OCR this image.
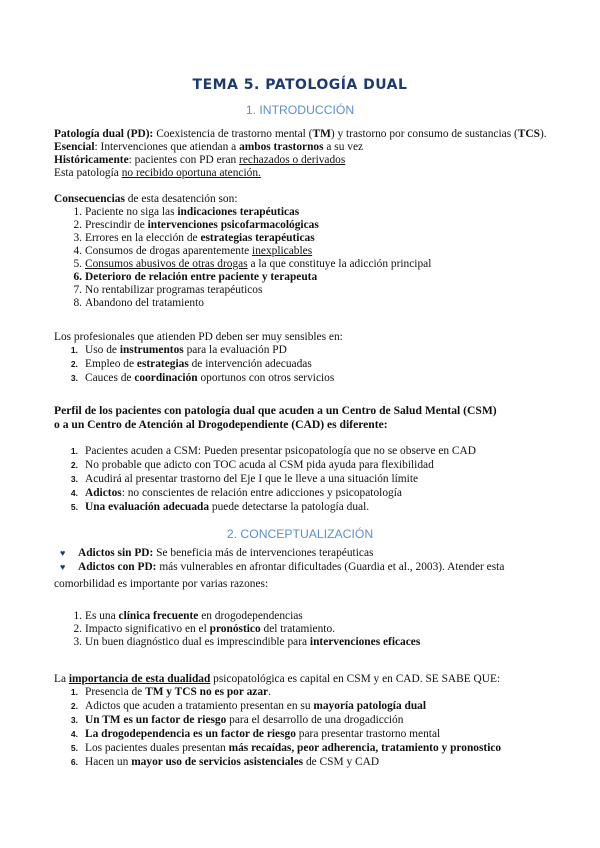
TEMA 5. PATOLOGÍA DUAL
1. INTRODUCCIÓN
Patología dual (PD): Coexistencia de trastorno mental (TM) y trastorno por consumo de sustancias (TCS).
Esencial: Intervenciones que atiendan a ambos trastornos a su vez
Históricamente: pacientes con PD eran rechazados o derivados
Esta patología no recibido oportuna atención.
Consecuencias de esta desatención son:
1. Paciente no siga las indicaciones terapéuticas
2. Prescindir de intervenciones psicofarmacológicas
3. Errores en la elección de estrategias terapéuticas
4. Consumos de drogas aparentemente inexplicables
5. Consumos abusivos de otras drogas a la que constituye la adicción principal
6. Deterioro de relación entre paciente y terapeuta
7. No rentabilizar programas terapéuticos
8. Abandono del tratamiento
Los profesionales que atienden PD deben ser muy sensibles en:
1. Uso de instrumentos para la evaluación PD
2. Empleo de estrategias de intervención adecuadas
3. Cauces de coordinación oportunos con otros servicios
Perfil de los pacientes con patología dual que acuden a un Centro de Salud Mental (CSM)
o a un Centro de Atención al Drogodependiente (CAD) es diferente:
1. Pacientes acuden a CSM: Pueden presentar psicopatología que no se observe en CAD
2. No probable que adicto con TOC acuda al CSM pida ayuda para flexibilidad
3. Acudirá al presentar trastorno del Eje I que le lleve a una situación límite
4. Adictos: no conscientes de relación entre adicciones y psicopatología
5. Una evaluación adecuada puede detectarse la patología dual.
2. CONCEPTUALIZACIÓN
♥ Adictos sin PD: Se beneficia más de intervenciones terapéuticas
♥ Adictos con PD: más vulnerables en afrontar dificultades (Guardia et al., 2003). Atender esta
comorbilidad es importante por varias razones:
1. Es una clínica frecuente en drogodependencias
2. Impacto significativo en el pronóstico del tratamiento.
3. Un buen diagnóstico dual es imprescindible para intervenciones eficaces
La importancia de esta dualidad psicopatológica es capital en CSM y en CAD. SE SABE QUE:
1. Presencia de TM y TCS no es por azar.
2. Adictos que acuden a tratamiento presentan en su mayoría patología dual
3. Un TM es un factor de riesgo para el desarrollo de una drogadicción
4. La drogodependencia es un factor de riesgo para presentar trastorno mental
5. Los pacientes duales presentan más recaídas, peor adherencia, tratamiento y pronostico
6. Hacen un mayor uso de servicios asistenciales de CSM y CAD
